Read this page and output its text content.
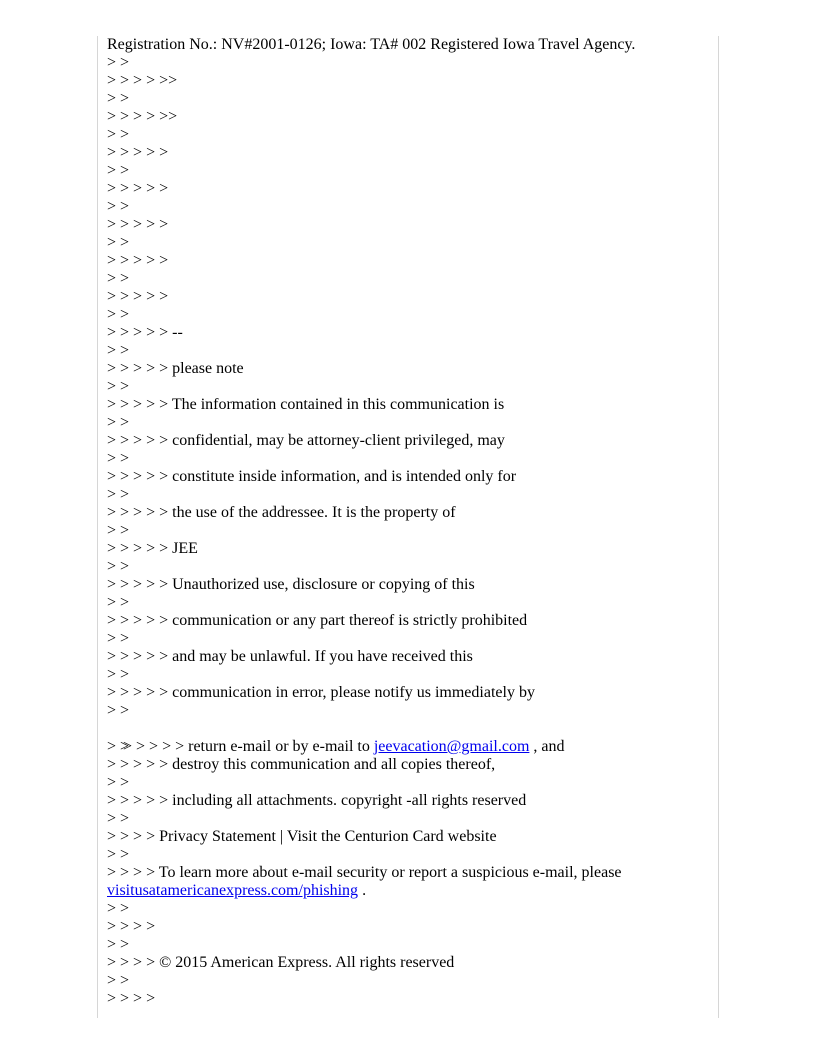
Registration No.: NV#2001-0126; Iowa: TA# 002 Registered Iowa Travel Agency.
> >
> > > > >>
> >
> > > > >>
> >
> > > > >
> >
> > > > >
> >
> > > > >
> >
> > > > >
> >
> > > > >
> >
> > > > > --
> >
> > > > > please note
> >
> > > > > The information contained in this communication is
> >
> > > > > confidential, may be attorney-client privileged, may
> >
> > > > > constitute inside information, and is intended only for
> >
> > > > > the use of the addressee. It is the property of
> >
> > > > > JEE
> >
> > > > > Unauthorized use, disclosure or copying of this
> >
> > > > > communication or any part thereof is strictly prohibited
> >
> > > > > and may be unlawful. If you have received this
> >
> > > > > communication in error, please notify us immediately by
> >

> > > > > return e-mail or by e-mail to jeevacation@gmail.com , and

> >
> > > > > destroy this communication and all copies thereof,
> >
> > > > > including all attachments. copyright -all rights reserved
> >
> > > > Privacy Statement | Visit the Centurion Card website
> >
> > > > To learn more about e-mail security or report a suspicious e-mail, please visitusatamericanexpress.com/phishing .
> >
> > > >
> >
> > > > © 2015 American Express. All rights reserved
> >
> > > >
